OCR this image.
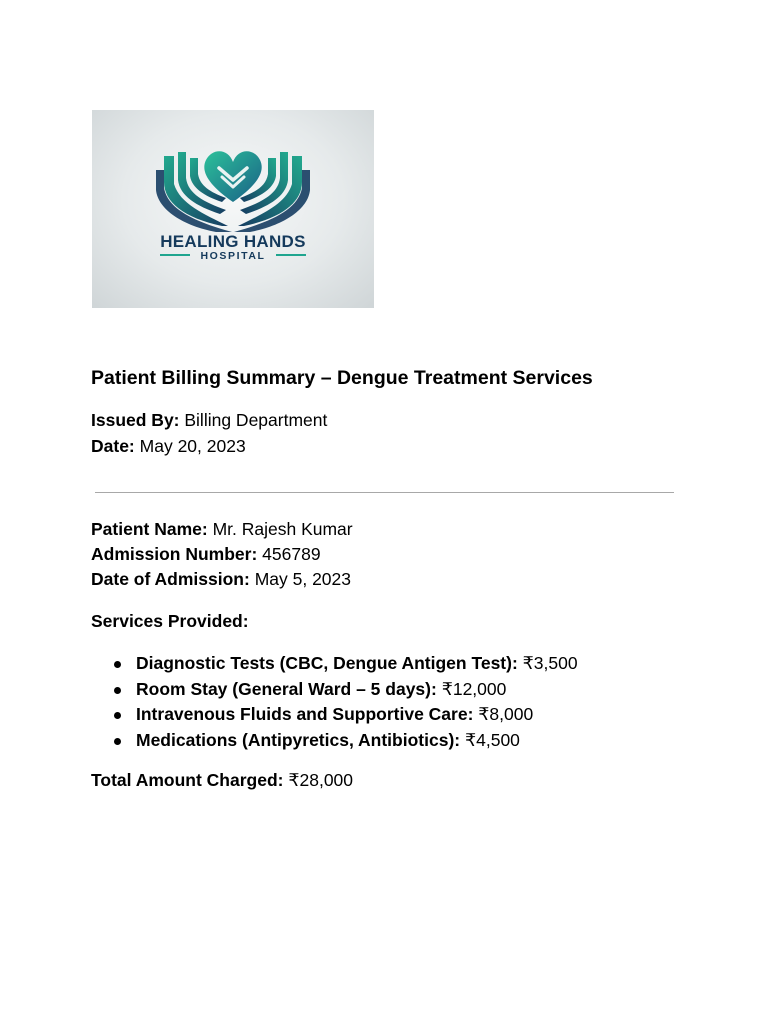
HEALING HANDS
HOSPITAL
Patient Billing Summary – Dengue Treatment Services
Issued By: Billing Department
Date: May 20, 2023
Patient Name: Mr. Rajesh Kumar
Admission Number: 456789
Date of Admission: May 5, 2023
Services Provided:
Diagnostic Tests (CBC, Dengue Antigen Test): ₹3,500
Room Stay (General Ward – 5 days): ₹12,000
Intravenous Fluids and Supportive Care: ₹8,000
Medications (Antipyretics, Antibiotics): ₹4,500
Total Amount Charged: ₹28,000
